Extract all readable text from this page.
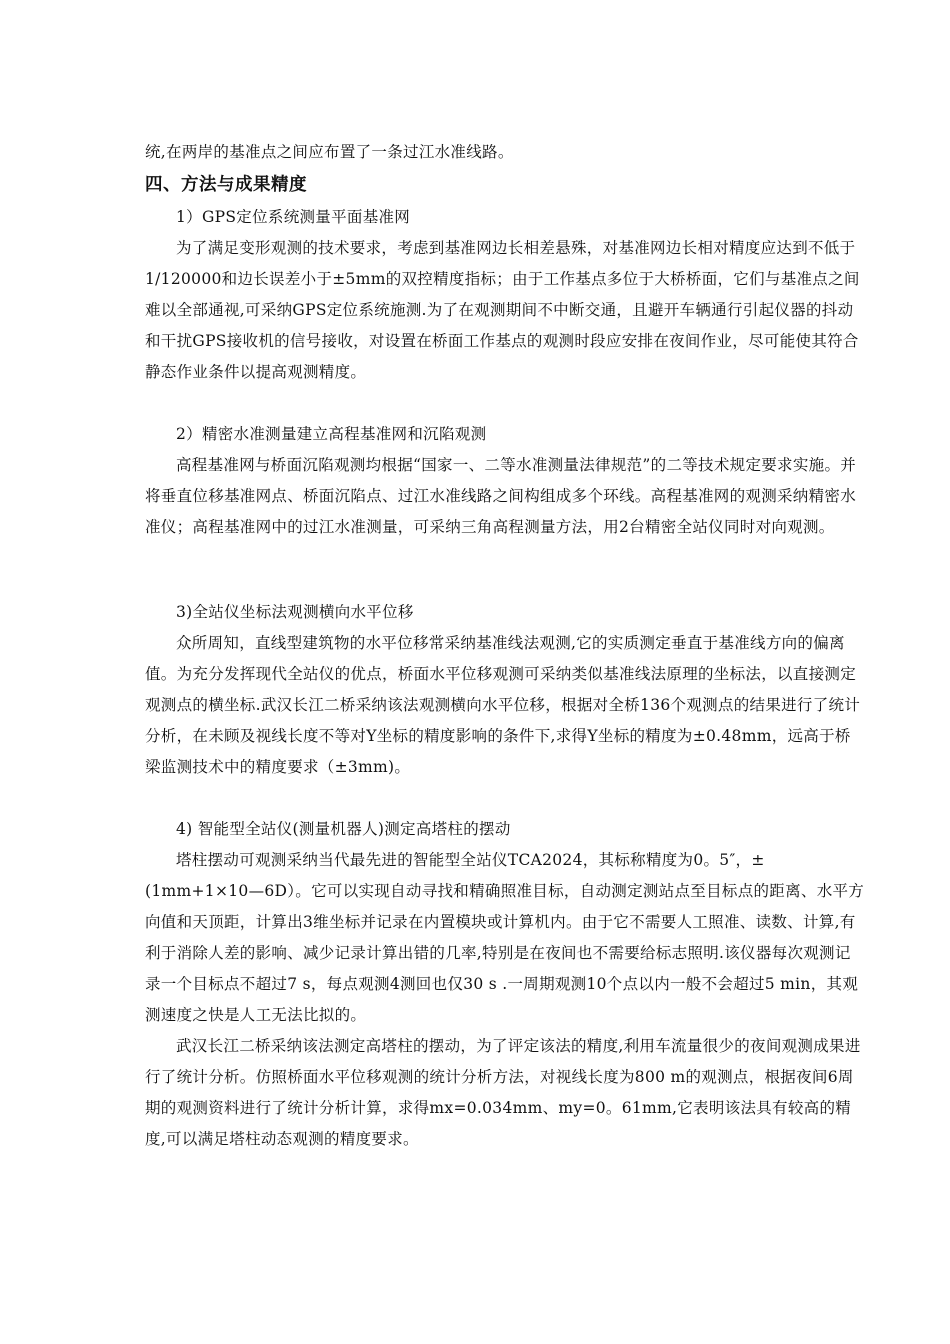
统,在两岸的基准点之间应布置了一条过江水准线路。

四、方法与成果精度

1）GPS定位系统测量平面基准网

为了满足变形观测的技术要求，考虑到基准网边长相差悬殊，对基准网边长相对精度应达到不低于1/120000和边长误差小于±5mm的双控精度指标；由于工作基点多位于大桥桥面，它们与基准点之间难以全部通视,可采纳GPS定位系统施测.为了在观测期间不中断交通，且避开车辆通行引起仪器的抖动和干扰GPS接收机的信号接收，对设置在桥面工作基点的观测时段应安排在夜间作业，尽可能使其符合静态作业条件以提高观测精度。

2）精密水准测量建立高程基准网和沉陷观测

高程基准网与桥面沉陷观测均根据“国家一、二等水准测量法律规范”的二等技术规定要求实施。并将垂直位移基准网点、桥面沉陷点、过江水准线路之间构组成多个环线。高程基准网的观测采纳精密水准仪；高程基准网中的过江水准测量，可采纳三角高程测量方法，用2台精密全站仪同时对向观测。

3)全站仪坐标法观测横向水平位移

众所周知，直线型建筑物的水平位移常采纳基准线法观测,它的实质测定垂直于基准线方向的偏离值。为充分发挥现代全站仪的优点，桥面水平位移观测可采纳类似基准线法原理的坐标法，以直接测定观测点的横坐标.武汉长江二桥采纳该法观测横向水平位移，根据对全桥136个观测点的结果进行了统计分析，在未顾及视线长度不等对Y坐标的精度影响的条件下,求得Y坐标的精度为±0.48mm，远高于桥梁监测技术中的精度要求（±3mm)。

4) 智能型全站仪(测量机器人)测定高塔柱的摆动

塔柱摆动可观测采纳当代最先进的智能型全站仪TCA2024，其标称精度为0。5″，±(1mm+1×10—6D）。它可以实现自动寻找和精确照准目标，自动测定测站点至目标点的距离、水平方向值和天顶距，计算出3维坐标并记录在内置模块或计算机内。由于它不需要人工照准、读数、计算,有利于消除人差的影响、减少记录计算出错的几率,特别是在夜间也不需要给标志照明.该仪器每次观测记录一个目标点不超过7 s，每点观测4测回也仅30 s .一周期观测10个点以内一般不会超过5 min，其观测速度之快是人工无法比拟的。

武汉长江二桥采纳该法测定高塔柱的摆动，为了评定该法的精度,利用车流量很少的夜间观测成果进行了统计分析。仿照桥面水平位移观测的统计分析方法，对视线长度为800 m的观测点，根据夜间6周期的观测资料进行了统计分析计算，求得mx=0.034mm、my=0。61mm,它表明该法具有较高的精度,可以满足塔柱动态观测的精度要求。
